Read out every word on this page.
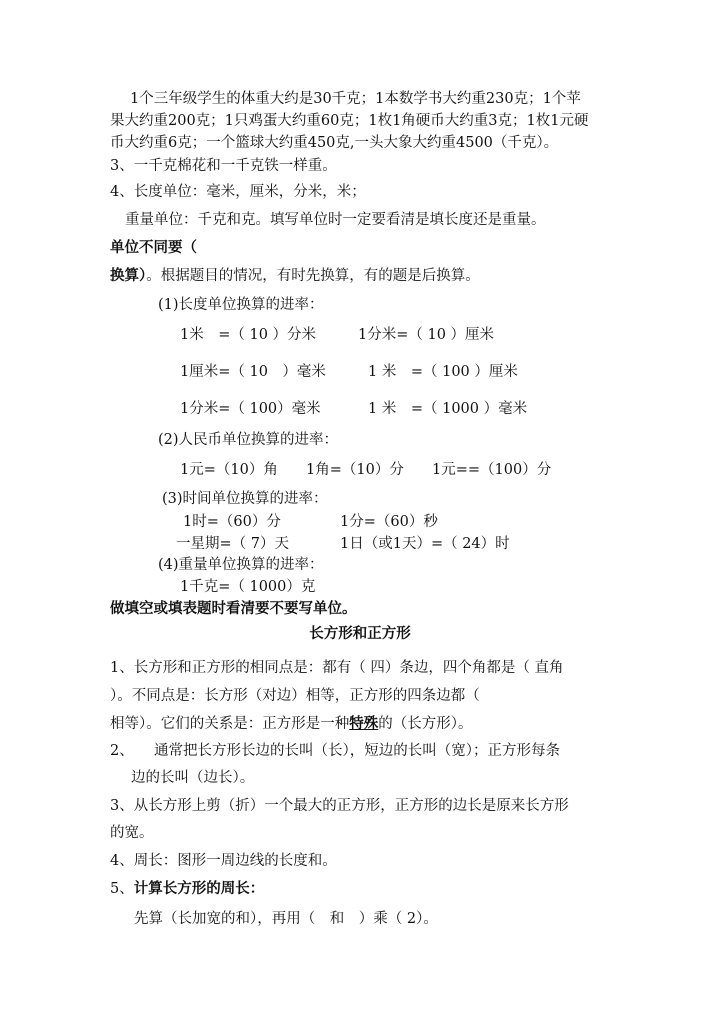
1个三年级学生的体重大约是30千克；1本数学书大约重230克；1个苹
果大约重200克；1只鸡蛋大约重60克；1枚1角硬币大约重3克；1枚1元硬
币大约重6克；一个篮球大约重450克,一头大象大约重4500（千克）。
3、一千克棉花和一千克铁一样重。
4、长度单位：毫米，厘米，分米，米；
重量单位：千克和克。填写单位时一定要看清是填长度还是重量。
单位不同要（
换算）。根据题目的情况，有时先换算，有的题是后换算。
(1)长度单位换算的进率：
1米　=（ 10 ）分米	1分米=（ 10 ）厘米
1厘米=（ 10　）毫米	1 米　=（ 100 ）厘米
1分米=（ 100）毫米	1 米　=（ 1000 ）毫米
(2)人民币单位换算的进率：
1元=（10）角 1角=（10）分 1元==（100）分
(3)时间单位换算的进率：
1时=（60）分	1分=（60）秒
一星期=（ 7）天	1日（或1天）=（ 24）时
(4)重量单位换算的进率：
1千克=（ 1000）克
做填空或填表题时看清要不要写单位。
长方形和正方形
1、长方形和正方形的相同点是：都有（ 四）条边，四个角都是（ 直角
）。不同点是：长方形（对边）相等，正方形的四条边都（
相等）。它们的关系是：正方形是一种特殊的（长方形）。
2、 通常把长方形长边的长叫（长），短边的长叫（宽）；正方形每条
边的长叫（边长）。
3、从长方形上剪（折）一个最大的正方形，正方形的边长是原来长方形
的宽。
4、周长：图形一周边线的长度和。
5、计算长方形的周长：
先算（长加宽的和），再用（　和　）乘（ 2）。
